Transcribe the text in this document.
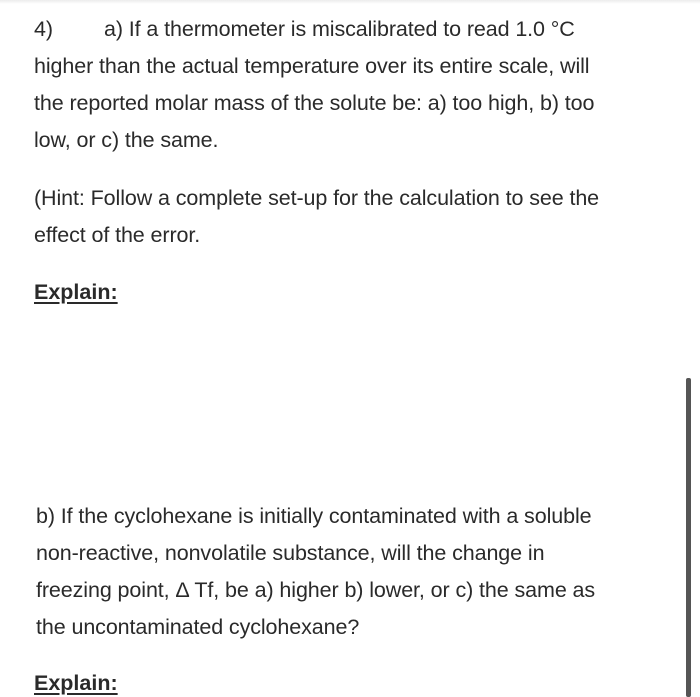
4) a) If a thermometer is miscalibrated to read 1.0 °C
higher than the actual temperature over its entire scale, will
the reported molar mass of the solute be: a) too high, b) too
low, or c) the same.
(Hint: Follow a complete set-up for the calculation to see the
effect of the error.
Explain:
b) If the cyclohexane is initially contaminated with a soluble
non-reactive, nonvolatile substance, will the change in
freezing point, Δ Tf, be a) higher b) lower, or c) the same as
the uncontaminated cyclohexane?
Explain:
